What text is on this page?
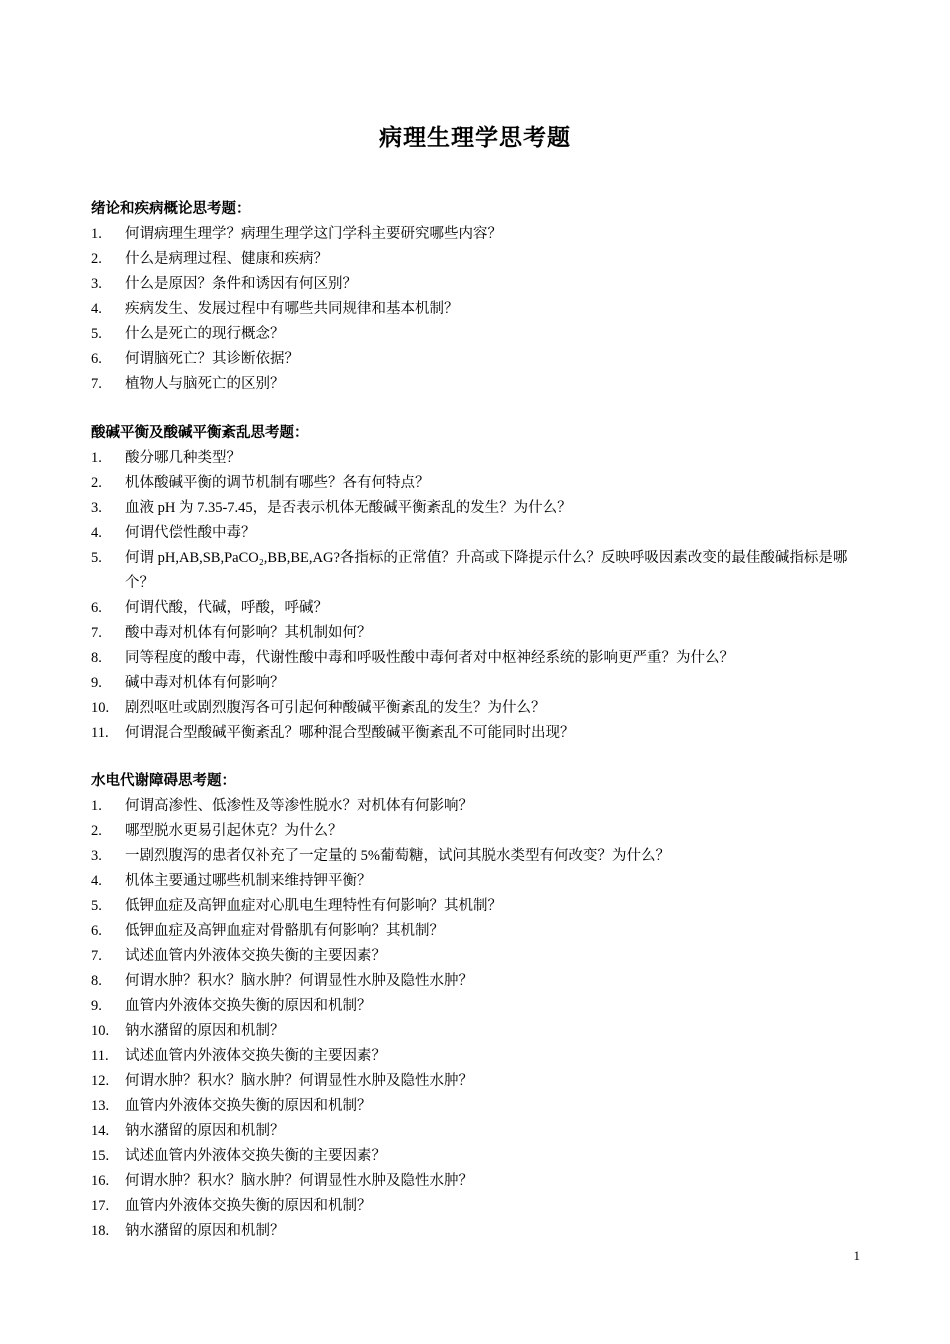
病理生理学思考题
绪论和疾病概论思考题：
1. 何谓病理生理学？病理生理学这门学科主要研究哪些内容？
2. 什么是病理过程、健康和疾病？
3. 什么是原因？条件和诱因有何区别？
4. 疾病发生、发展过程中有哪些共同规律和基本机制？
5. 什么是死亡的现行概念？
6. 何谓脑死亡？其诊断依据？
7. 植物人与脑死亡的区别？
酸碱平衡及酸碱平衡紊乱思考题：
1. 酸分哪几种类型？
2. 机体酸碱平衡的调节机制有哪些？各有何特点？
3. 血液 pH 为 7.35-7.45，是否表示机体无酸碱平衡紊乱的发生？为什么？
4. 何谓代偿性酸中毒？
5. 何谓 pH,AB,SB,PaCO₂,BB,BE,AG?各指标的正常值？升高或下降提示什么？反映呼吸因素改变的最佳酸碱指标是哪个？
6. 何谓代酸，代碱，呼酸，呼碱？
7. 酸中毒对机体有何影响？其机制如何？
8. 同等程度的酸中毒，代谢性酸中毒和呼吸性酸中毒何者对中枢神经系统的影响更严重？为什么？
9. 碱中毒对机体有何影响？
10. 剧烈呕吐或剧烈腹泻各可引起何种酸碱平衡紊乱的发生？为什么？
11. 何谓混合型酸碱平衡紊乱？哪种混合型酸碱平衡紊乱不可能同时出现？
水电代谢障碍思考题：
1. 何谓高渗性、低渗性及等渗性脱水？对机体有何影响？
2. 哪型脱水更易引起休克？为什么？
3. 一剧烈腹泻的患者仅补充了一定量的 5%葡萄糖，试问其脱水类型有何改变？为什么？
4. 机体主要通过哪些机制来维持钾平衡？
5. 低钾血症及高钾血症对心肌电生理特性有何影响？其机制？
6. 低钾血症及高钾血症对骨骼肌有何影响？其机制？
7. 试述血管内外液体交换失衡的主要因素？
8. 何谓水肿？积水？脑水肿？何谓显性水肿及隐性水肿？
9. 血管内外液体交换失衡的原因和机制？
10. 钠水潴留的原因和机制？
11. 试述血管内外液体交换失衡的主要因素？
12. 何谓水肿？积水？脑水肿？何谓显性水肿及隐性水肿？
13. 血管内外液体交换失衡的原因和机制？
14. 钠水潴留的原因和机制？
15. 试述血管内外液体交换失衡的主要因素？
16. 何谓水肿？积水？脑水肿？何谓显性水肿及隐性水肿？
17. 血管内外液体交换失衡的原因和机制？
18. 钠水潴留的原因和机制？
1
